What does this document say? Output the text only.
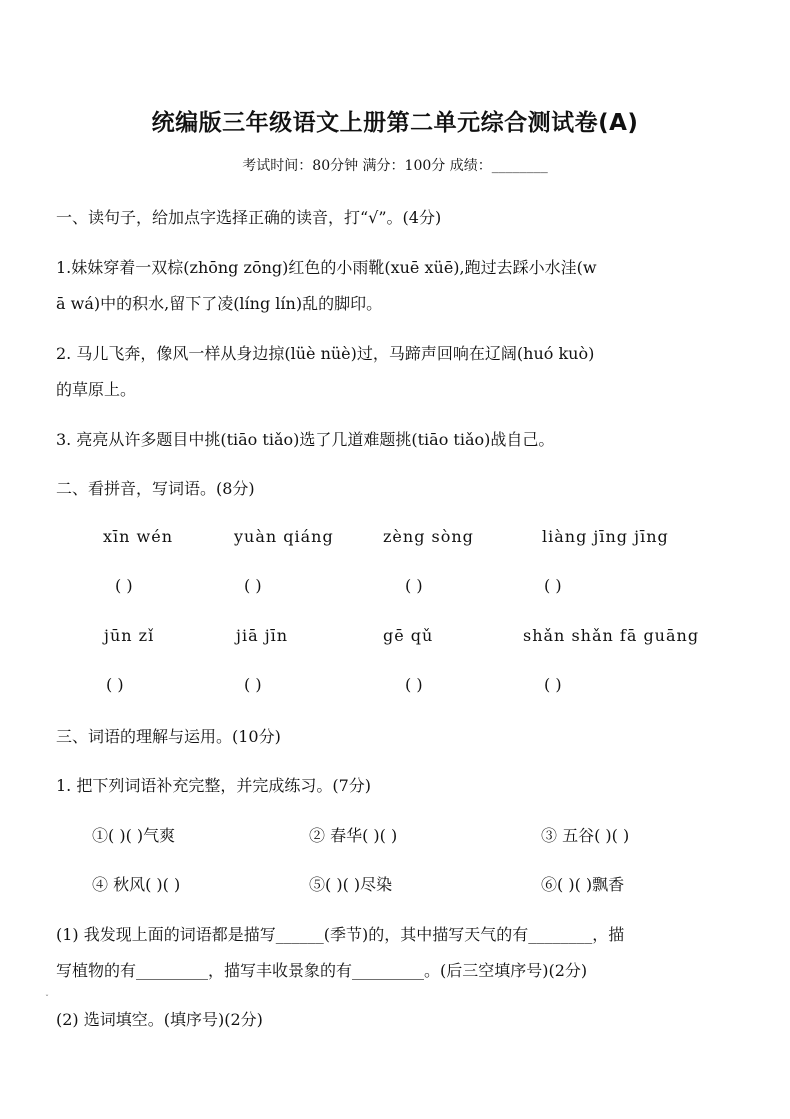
统编版三年级语文上册第二单元综合测试卷(A)
考试时间：80分钟 满分：100分 成绩：________
一、读句子，给加点字选择正确的读音，打“√”。(4分)
1.妹妹穿着一双棕(zhōng zōng)红色的小雨靴(xuē xüē),跑过去踩小水洼(w
ā wá)中的积水,留下了凌(líng lín)乱的脚印。
2. 马儿飞奔，像风一样从身边掠(lüè nüè)过，马蹄声回响在辽阔(huó kuò)
的草原上。
3. 亮亮从许多题目中挑(tiāo tiǎo)选了几道难题挑(tiāo tiǎo)战自己。
二、看拼音，写词语。(8分)
xīn wén	yuàn qiáng	zèng sòng	liàng jīng jīng
( )	( )	( )	( )
jūn zǐ	jiā jīn	gē qǔ	shǎn shǎn fā guāng
( )	( )	( )	( )
三、词语的理解与运用。(10分)
1. 把下列词语补充完整，并完成练习。(7分)
①( )( )气爽	② 春华( )( )	③ 五谷( )( )
④ 秋风( )( )	⑤( )( )尽染	⑥( )( )飘香
(1) 我发现上面的词语都是描写______(季节)的，其中描写天气的有________，描
写植物的有_________，描写丰收景象的有_________。(后三空填序号)(2分)
ˇ
(2) 选词填空。(填序号)(2分)
